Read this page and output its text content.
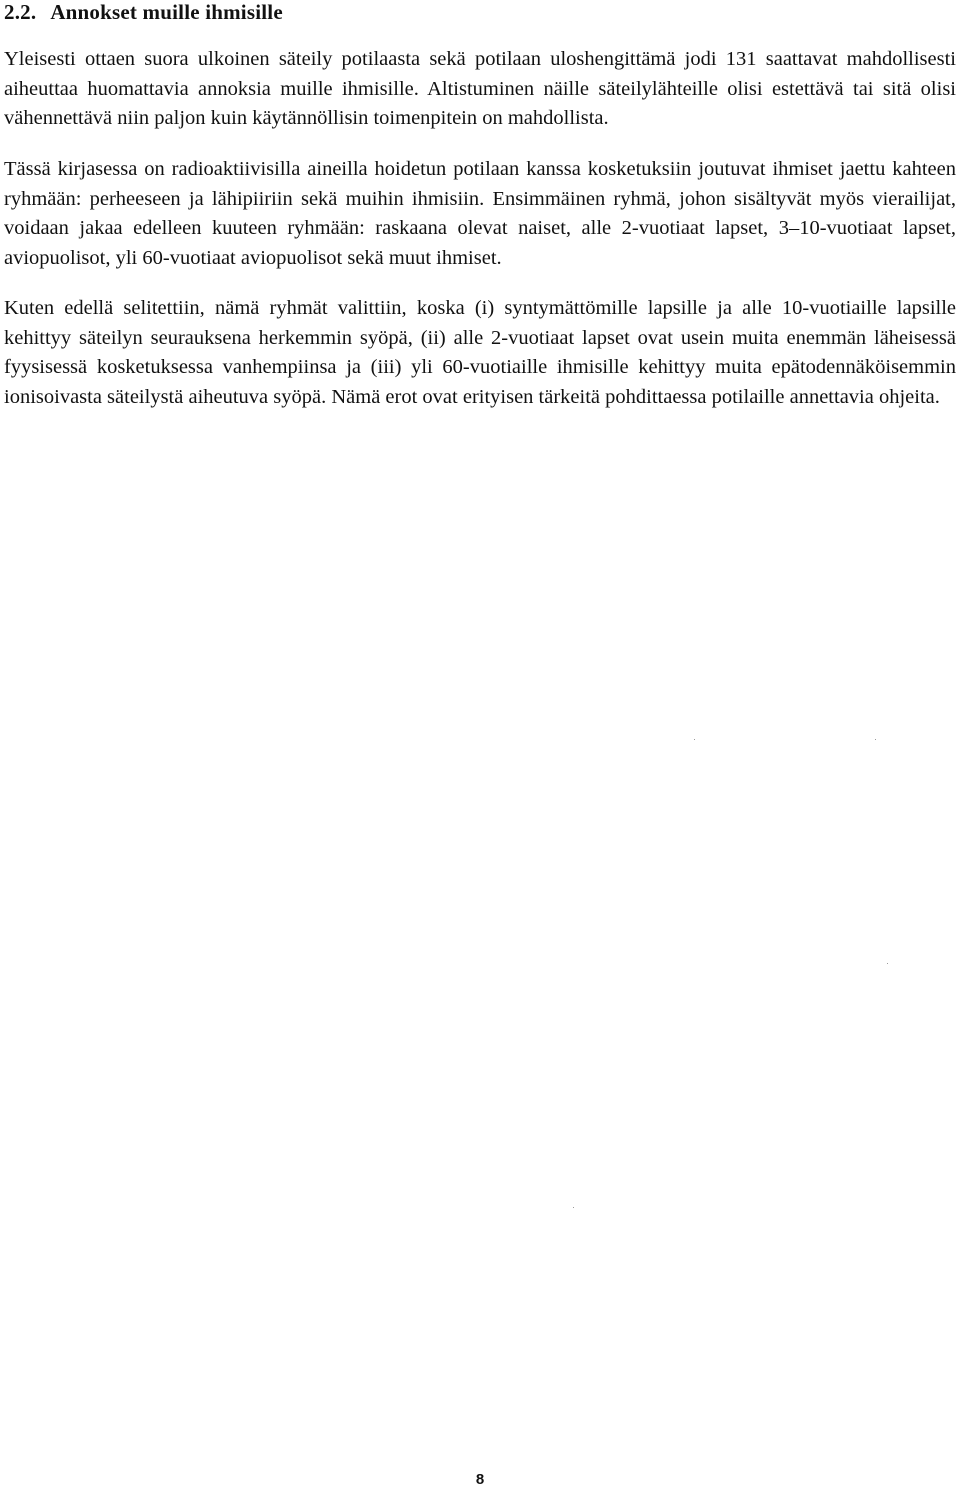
2.2. Annokset muille ihmisille

Yleisesti ottaen suora ulkoinen säteily potilaasta sekä potilaan uloshengittämä jodi 131 saattavat mahdollisesti aiheuttaa huomattavia annoksia muille ihmisille. Altistuminen näille säteilylähteille olisi estettävä tai sitä olisi vähennettävä niin paljon kuin käytännöllisin toimenpitein on mahdollista.

Tässä kirjasessa on radioaktiivisilla aineilla hoidetun potilaan kanssa kosketuksiin joutuvat ihmiset jaettu kahteen ryhmään: perheeseen ja lähipiiriin sekä muihin ihmisiin. Ensimmäinen ryhmä, johon sisältyvät myös vierailijat, voidaan jakaa edelleen kuuteen ryhmään: raskaana olevat naiset, alle 2-vuotiaat lapset, 3–10-vuotiaat lapset, aviopuolisot, yli 60-vuotiaat aviopuolisot sekä muut ihmiset.

Kuten edellä selitettiin, nämä ryhmät valittiin, koska (i) syntymättömille lapsille ja alle 10-vuotiaille lapsille kehittyy säteilyn seurauksena herkemmin syöpä, (ii) alle 2-vuotiaat lapset ovat usein muita enemmän läheisessä fyysisessä kosketuksessa vanhempiinsa ja (iii) yli 60-vuotiaille ihmisille kehittyy muita epätodennäköisemmin ionisoivasta säteilystä aiheutuva syöpä. Nämä erot ovat erityisen tärkeitä pohdittaessa potilaille annettavia ohjeita.

8
